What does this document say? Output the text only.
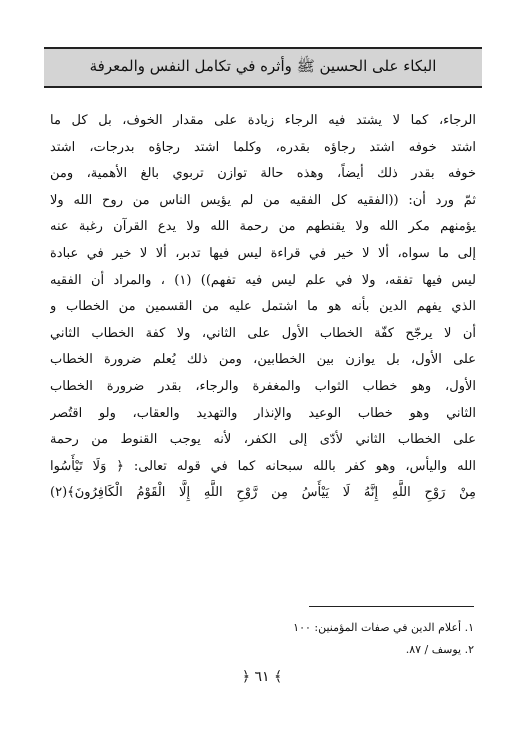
البكاء على الحسين ﷺ وأثره في تكامل النفس والمعرفة
الرجاء، كما لا يشتد فيه الرجاء زيادة على مقدار الخوف، بل كل ما
اشتد خوفه اشتد رجاؤه بقدره، وكلما اشتد رجاؤه بدرجات، اشتد
خوفه بقدر ذلك أيضاً، وهذه حالة توازن تربوي بالغ الأهمية، ومن
ثمّ ورد أن: ((الفقيه كل الفقيه من لم يؤيس الناس من روح الله ولا
يؤمنهم مكر الله ولا يقنطهم من رحمة الله ولا يدع القرآن رغبة عنه
إلى ما سواه، ألا لا خير في قراءة ليس فيها تدبر، ألا لا خير في عبادة
ليس فيها تفقه، ولا في علم ليس فيه تفهم)) (١) ، والمراد أن الفقيه
الذي يفهم الدين بأنه هو ما اشتمل عليه من القسمين من الخطاب و
أن لا يرجّح كفّة الخطاب الأول على الثاني، ولا كفة الخطاب الثاني
على الأول، بل يوازن بين الخطابين، ومن ذلك يُعلم ضرورة الخطاب
الأول، وهو خطاب الثواب والمغفرة والرجاء، بقدر ضرورة الخطاب
الثاني وهو خطاب الوعيد والإنذار والتهديد والعقاب، ولو اقتُصر
على الخطاب الثاني لأدّى إلى الكفر، لأنه يوجب القنوط من رحمة
الله واليأس، وهو كفر بالله سبحانه كما في قوله تعالى: ﴿ وَلَا تَيْأَسُوا
مِنْ رَوْحِ اللَّهِ إِنَّهُ لَا يَيْأَسُ مِن رَّوْحِ اللَّهِ إِلَّا الْقَوْمُ الْكَافِرُونَ﴾(٢)
١. أعلام الدين في صفات المؤمنين: ١٠٠
٢. يوسف / ٨٧.
﴾ ٦١ ﴿
